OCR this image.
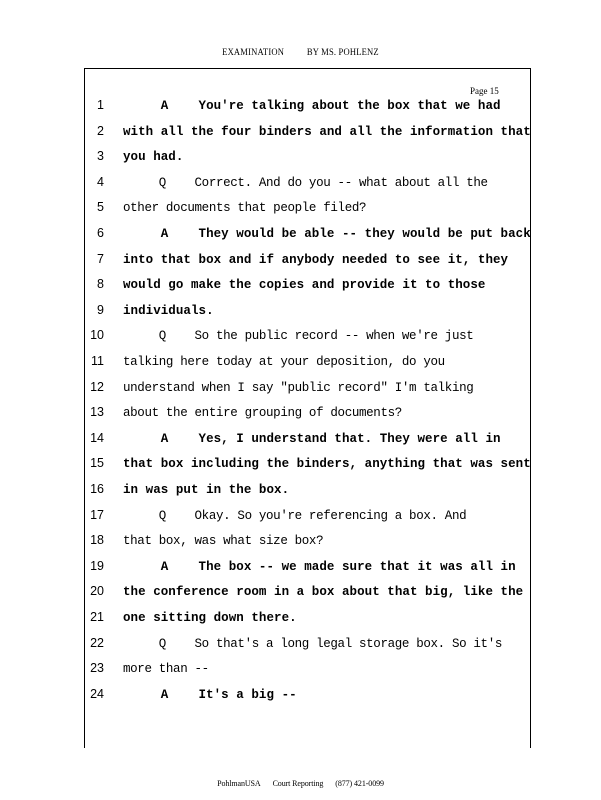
EXAMINATION	BY MS. POHLENZ
Page 15
1 A    You're talking about the box that we had
2 with all the four binders and all the information that
3 you had.
4 Q    Correct. And do you -- what about all the
5 other documents that people filed?
6 A    They would be able -- they would be put back
7 into that box and if anybody needed to see it, they
8 would go make the copies and provide it to those
9 individuals.
10 Q    So the public record -- when we're just
11 talking here today at your deposition, do you
12 understand when I say "public record" I'm talking
13 about the entire grouping of documents?
14 A    Yes, I understand that. They were all in
15 that box including the binders, anything that was sent
16 in was put in the box.
17 Q    Okay. So you're referencing a box. And
18 that box, was what size box?
19 A    The box -- we made sure that it was all in
20 the conference room in a box about that big, like the
21 one sitting down there.
22 Q    So that's a long legal storage box. So it's
23 more than --
24 A    It's a big --
PohlmanUSA Court Reporting (877) 421-0099
